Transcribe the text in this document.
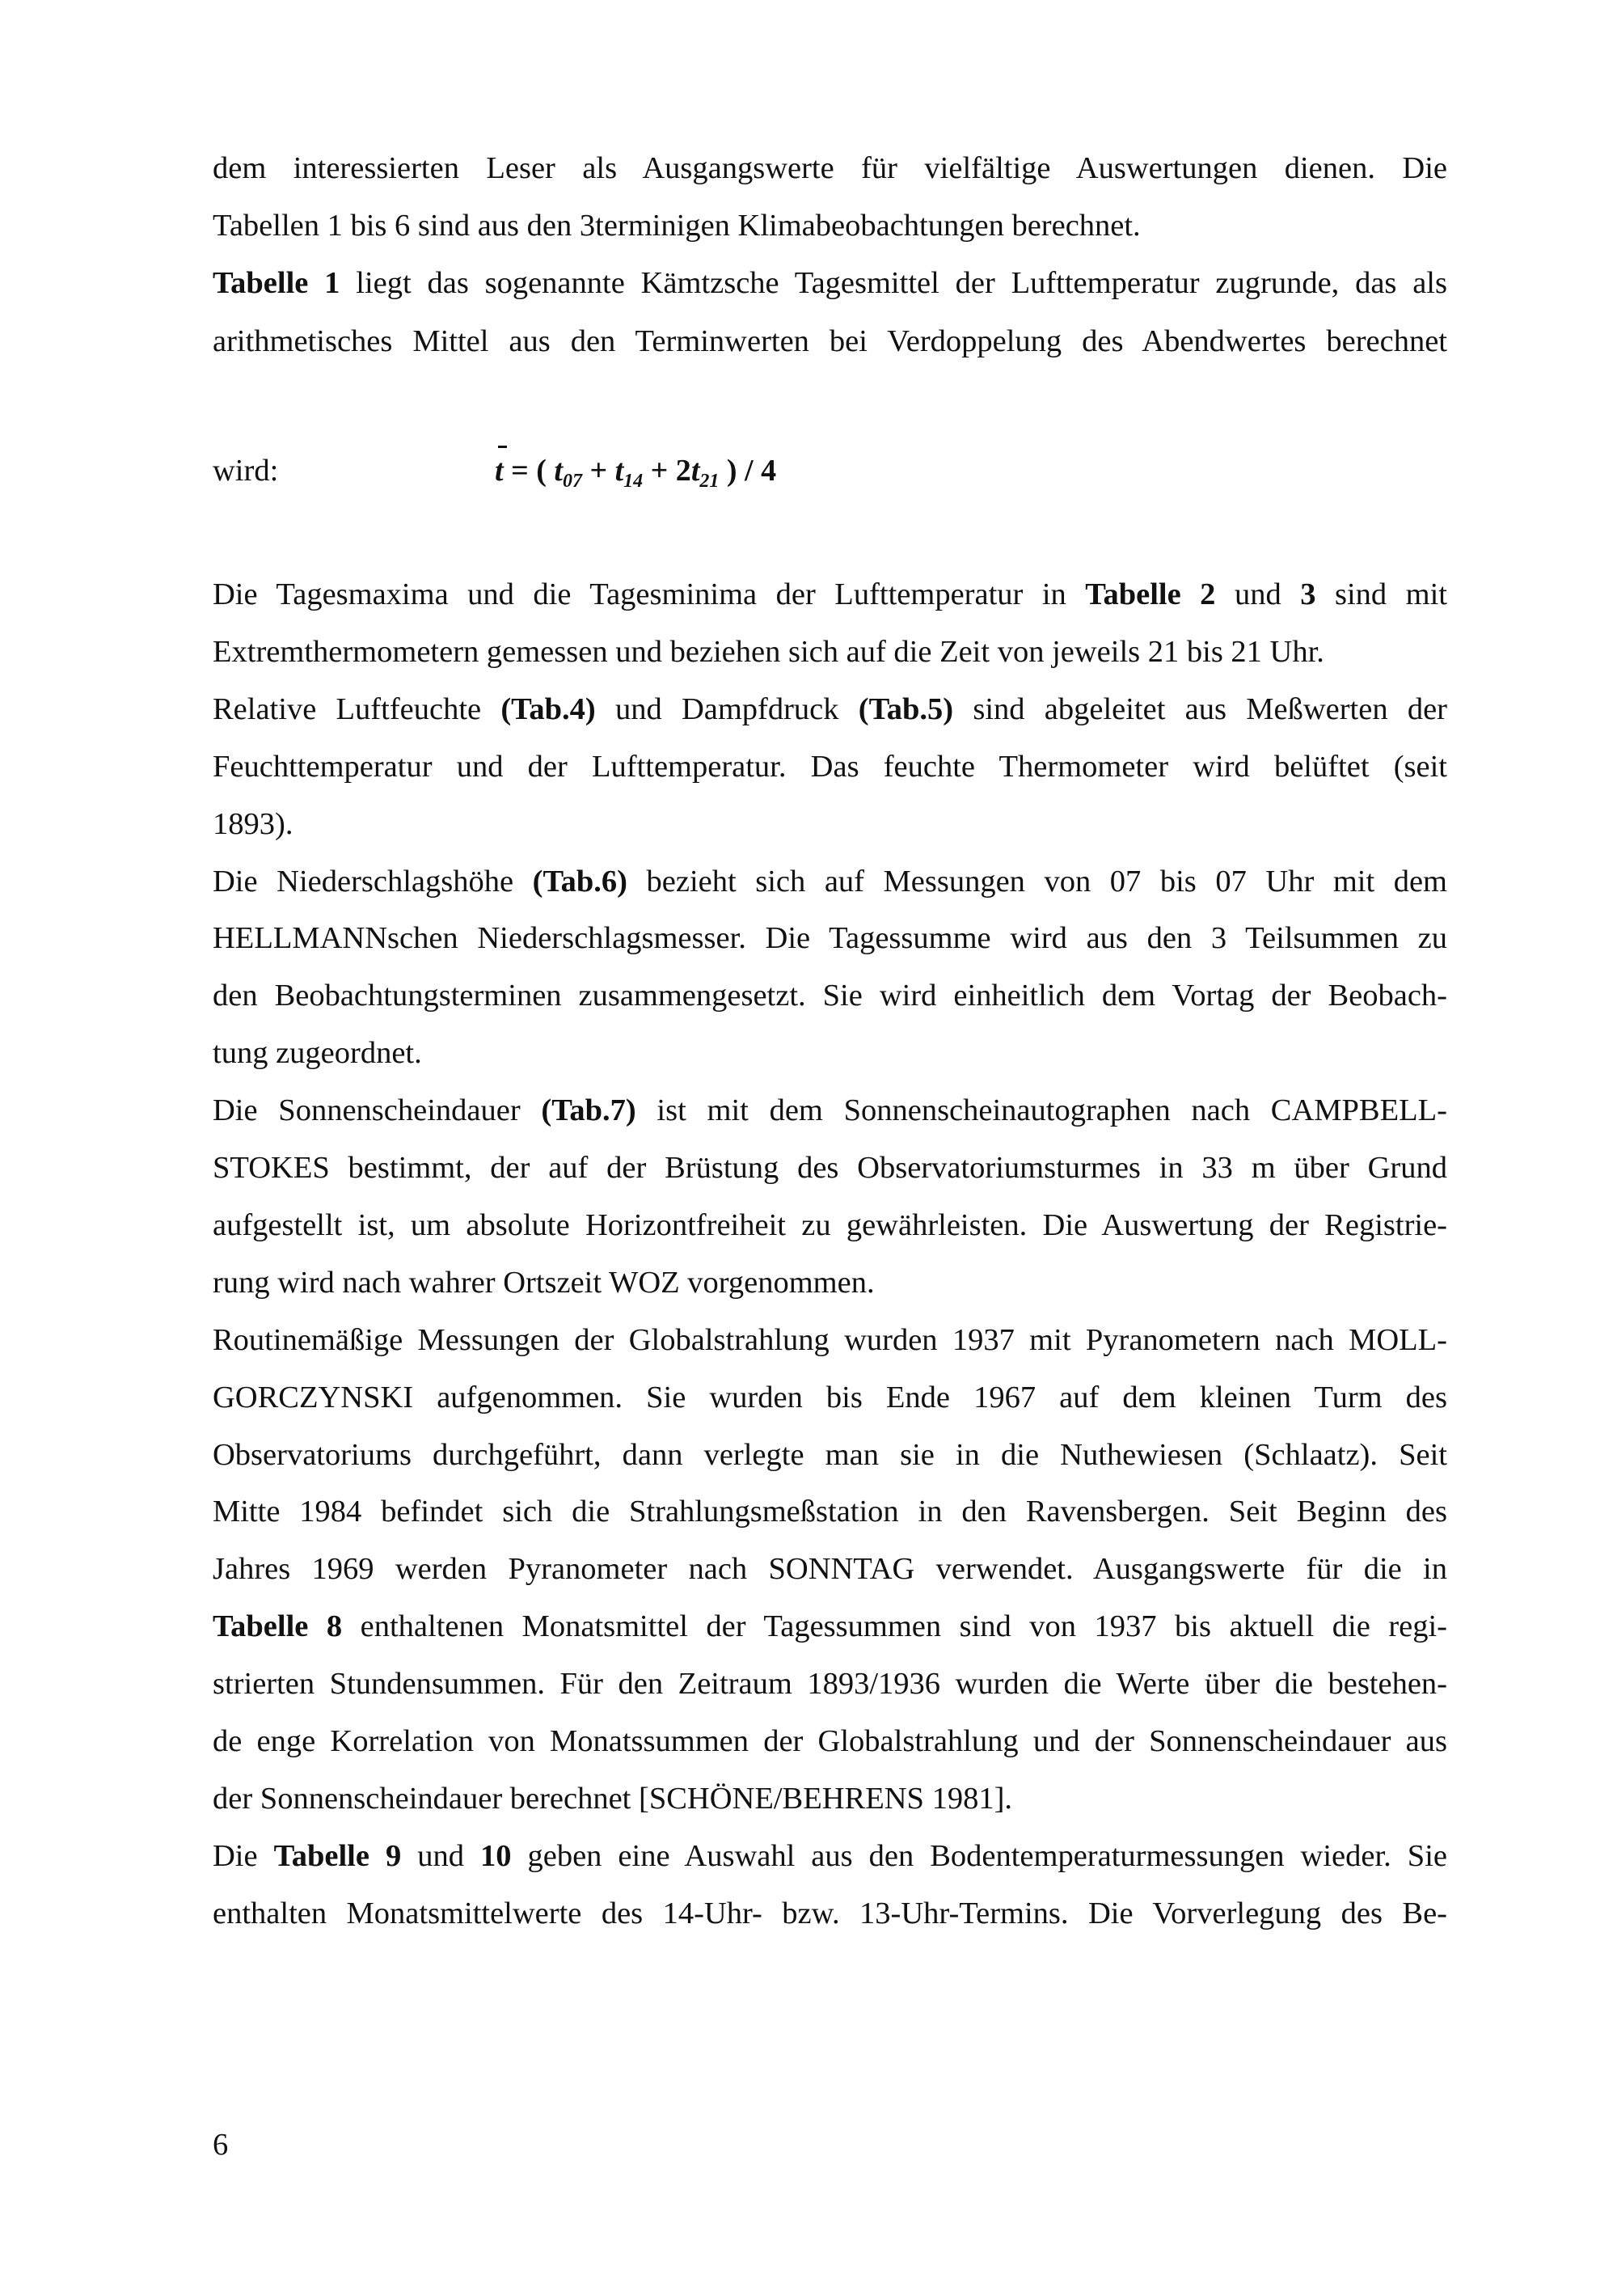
dem interessierten Leser als Ausgangswerte für vielfältige Auswertungen dienen. Die
Tabellen 1 bis 6 sind aus den 3terminigen Klimabeobachtungen berechnet.
Tabelle 1 liegt das sogenannte Kämtzsche Tagesmittel der Lufttemperatur zugrunde, das als
arithmetisches Mittel aus den Terminwerten bei Verdoppelung des Abendwertes berechnet
Die Tagesmaxima und die Tagesminima der Lufttemperatur in Tabelle 2 und 3 sind mit
Extremthermometern gemessen und beziehen sich auf die Zeit von jeweils 21 bis 21 Uhr.
Relative Luftfeuchte (Tab.4) und Dampfdruck (Tab.5) sind abgeleitet aus Meßwerten der
Feuchttemperatur und der Lufttemperatur. Das feuchte Thermometer wird belüftet (seit
1893).
Die Niederschlagshöhe (Tab.6) bezieht sich auf Messungen von 07 bis 07 Uhr mit dem
HELLMANNschen Niederschlagsmesser. Die Tagessumme wird aus den 3 Teilsummen zu
den Beobachtungsterminen zusammengesetzt. Sie wird einheitlich dem Vortag der Beobach-
tung zugeordnet.
Die Sonnenscheindauer (Tab.7) ist mit dem Sonnenscheinautographen nach CAMPBELL-
STOKES bestimmt, der auf der Brüstung des Observatoriumsturmes in 33 m über Grund
aufgestellt ist, um absolute Horizontfreiheit zu gewährleisten. Die Auswertung der Registrie-
rung wird nach wahrer Ortszeit WOZ vorgenommen.
Routinemäßige Messungen der Globalstrahlung wurden 1937 mit Pyranometern nach MOLL-
GORCZYNSKI aufgenommen. Sie wurden bis Ende 1967 auf dem kleinen Turm des
Observatoriums durchgeführt, dann verlegte man sie in die Nuthewiesen (Schlaatz). Seit
Mitte 1984 befindet sich die Strahlungsmeßstation in den Ravensbergen. Seit Beginn des
Jahres 1969 werden Pyranometer nach SONNTAG verwendet. Ausgangswerte für die in
Tabelle 8 enthaltenen Monatsmittel der Tagessummen sind von 1937 bis aktuell die regi-
strierten Stundensummen. Für den Zeitraum 1893/1936 wurden die Werte über die bestehen-
de enge Korrelation von Monatssummen der Globalstrahlung und der Sonnenscheindauer aus
der Sonnenscheindauer berechnet [SCHÖNE/BEHRENS 1981].
Die Tabelle 9 und 10 geben eine Auswahl aus den Bodentemperaturmessungen wieder. Sie
enthalten Monatsmittelwerte des 14-Uhr- bzw. 13-Uhr-Termins. Die Vorverlegung des Be-
wird:	t = ( $t_{07} + t_{14} + 2t_{21}$ ) / 4
6
